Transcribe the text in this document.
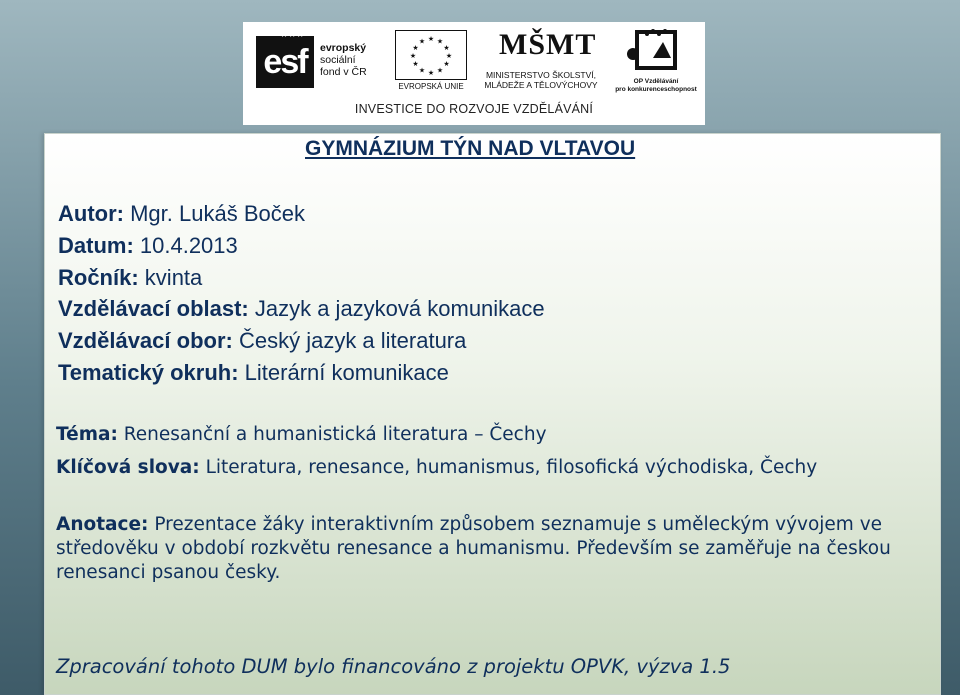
esf
★★★
evropský
sociální
fond v ČR
★ ★
★
★
★
★
★
★
★
★
★
★
EVROPSKÁ UNIE
MŠMT
MINISTERSTVO ŠKOLSTVÍ,
MLÁDEŽE A TĚLOVÝCHOVY	OP Vzdělávání
pro konkurenceschopnost
INVESTICE DO ROZVOJE VZDĚLÁVÁNÍ
GYMNÁZIUM TÝN NAD VLTAVOU
Autor: Mgr. Lukáš Boček
Datum: 10.4.2013
Ročník: kvinta
Vzdělávací oblast: Jazyk a jazyková komunikace
Vzdělávací obor: Český jazyk a literatura
Tematický okruh: Literární komunikace
Téma: Renesanční a humanistická literatura – Čechy
Klíčová slova: Literatura, renesance, humanismus, filosofická východiska, Čechy
Anotace: Prezentace žáky interaktivním způsobem seznamuje s uměleckým vývojem ve středověku v období rozkvětu renesance a humanismu. Především se zaměřuje na českou renesanci psanou česky.
Zpracování tohoto DUM bylo financováno z projektu OPVK, výzva 1.5
